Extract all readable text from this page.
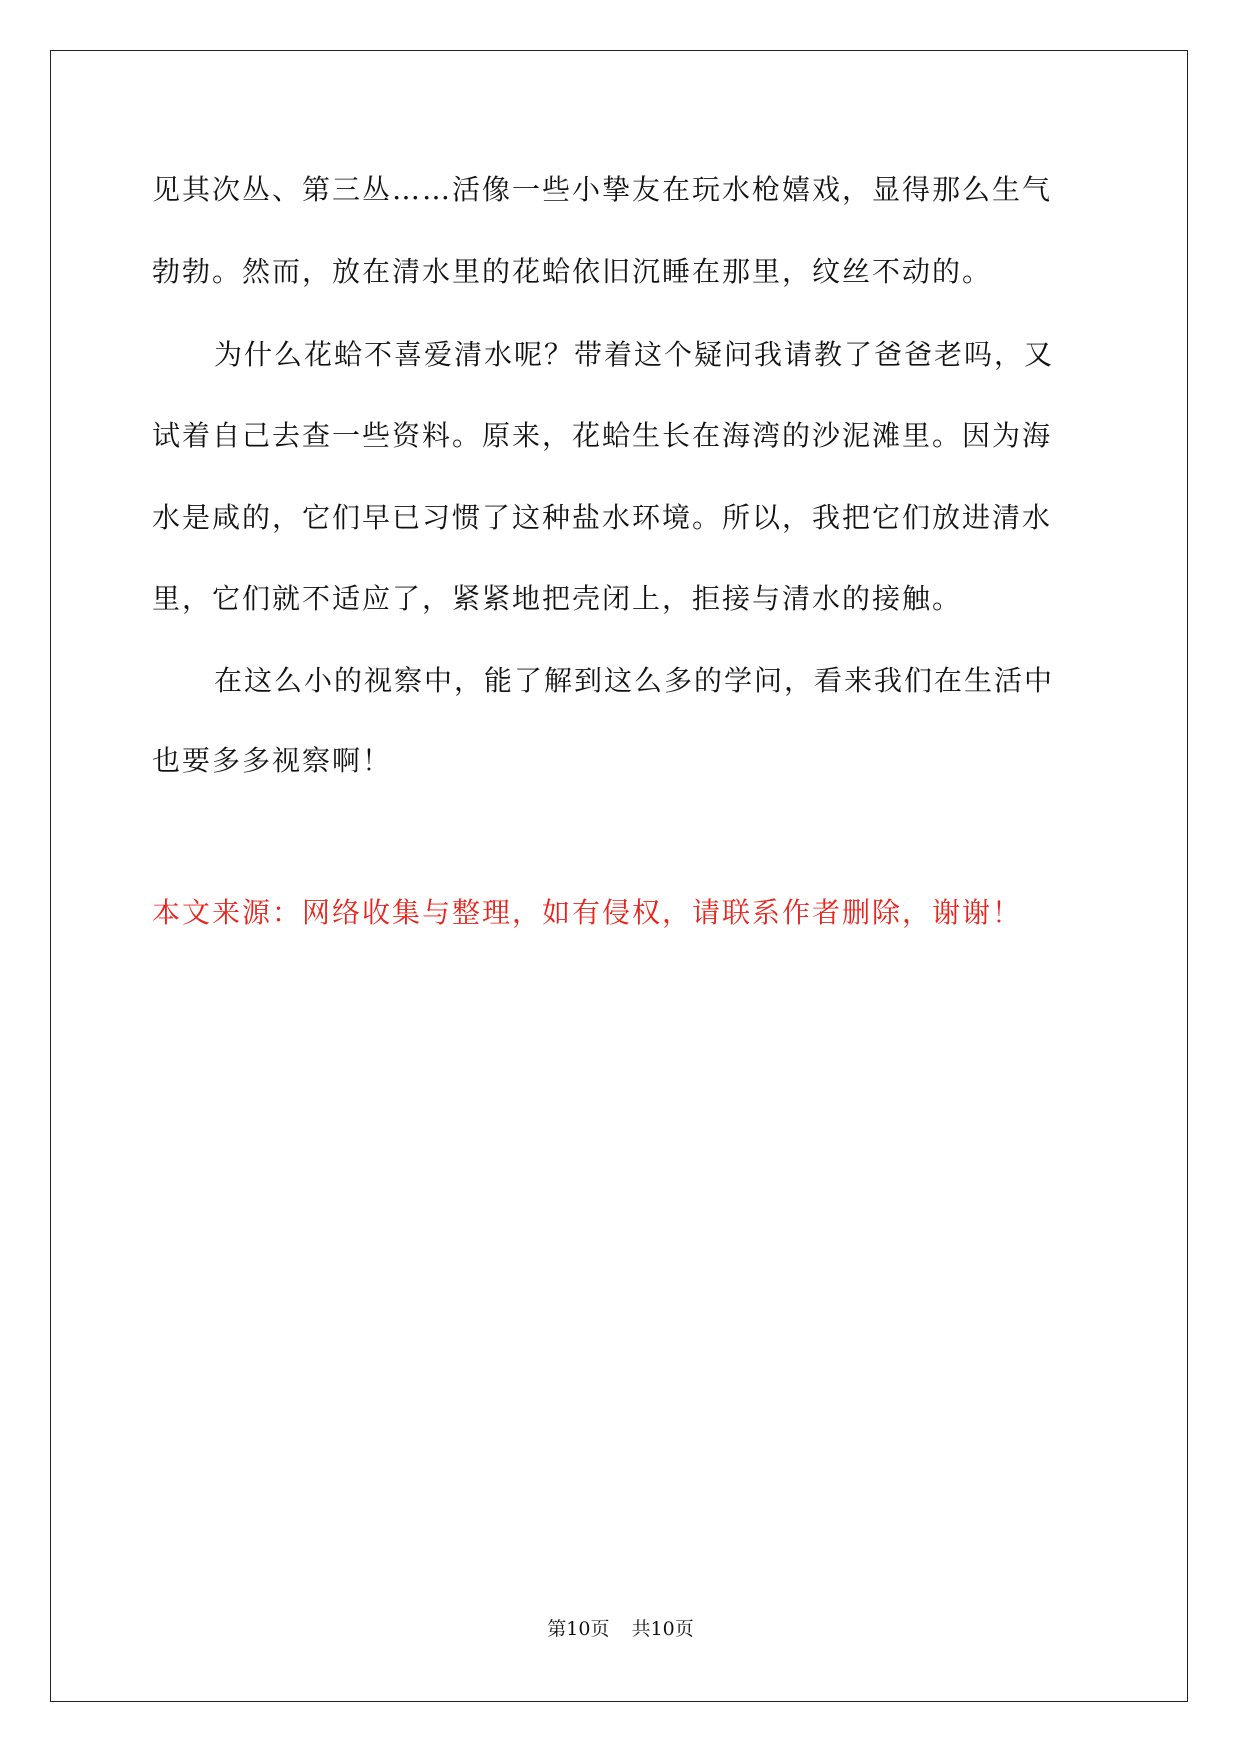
见其次丛、第三丛……活像一些小挚友在玩水枪嬉戏，显得那么生气
勃勃。然而，放在清水里的花蛤依旧沉睡在那里，纹丝不动的。
为什么花蛤不喜爱清水呢？带着这个疑问我请教了爸爸老吗，又
试着自己去查一些资料。原来，花蛤生长在海湾的沙泥滩里。因为海
水是咸的，它们早已习惯了这种盐水环境。所以，我把它们放进清水
里，它们就不适应了，紧紧地把壳闭上，拒接与清水的接触。
在这么小的视察中，能了解到这么多的学问，看来我们在生活中
也要多多视察啊！
本文来源：网络收集与整理，如有侵权，请联系作者删除，谢谢！
第10页 共10页
